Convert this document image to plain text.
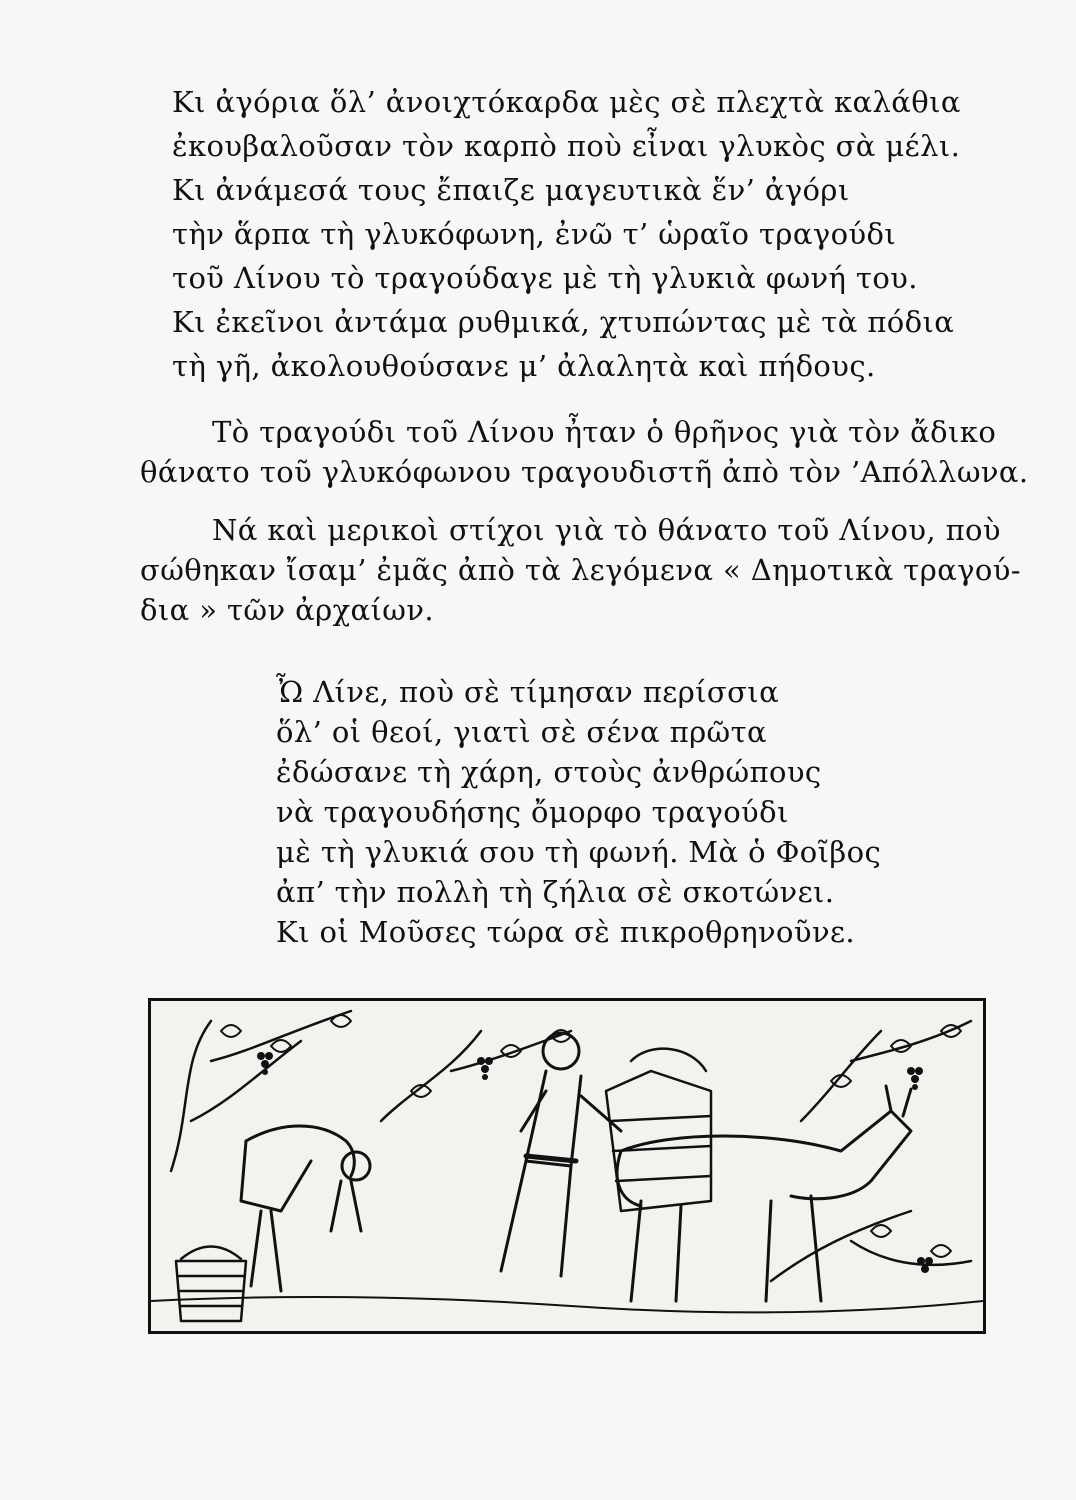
Κι ἀγόρια ὅλ’ ἀνοιχτόκαρδα μὲς σὲ πλεχτὰ καλάθια
ἐκουβαλοῦσαν τὸν καρπὸ ποὺ εἶναι γλυκὸς σὰ μέλι.
Κι ἀνάμεσά τους ἔπαιζε μαγευτικὰ ἕν’ ἀγόρι
τὴν ἅρπα τὴ γλυκόφωνη, ἐνῶ τ’ ὡραῖο τραγούδι
τοῦ Λίνου τὸ τραγούδαγε μὲ τὴ γλυκιὰ φωνή του.
Κι ἐκεῖνοι ἀντάμα ρυθμικά, χτυπώντας μὲ τὰ πόδια
τὴ γῆ, ἀκολουθούσανε μ’ ἀλαλητὰ καὶ πήδους.
Τὸ τραγούδι τοῦ Λίνου ἦταν ὁ θρῆνος γιὰ τὸν ἄδικο
θάνατο τοῦ γλυκόφωνου τραγουδιστῆ ἀπὸ τὸν ’Απόλλωνα.
Νά καὶ μερικοὶ στίχοι γιὰ τὸ θάνατο τοῦ Λίνου, ποὺ
σώθηκαν ἴσαμ’ ἐμᾶς ἀπὸ τὰ λεγόμενα « Δημοτικὰ τραγού-
δια » τῶν ἀρχαίων.
Ὦ Λίνε, ποὺ σὲ τίμησαν περίσσια
ὅλ’ οἱ θεοί, γιατὶ σὲ σένα πρῶτα
ἐδώσανε τὴ χάρη, στοὺς ἀνθρώπους
νὰ τραγουδήσης ὄμορφο τραγούδι
μὲ τὴ γλυκιά σου τὴ φωνή. Μὰ ὁ Φοῖβος
ἀπ’ τὴν πολλὴ τὴ ζήλια σὲ σκοτώνει.
Κι οἱ Μοῦσες τώρα σὲ πικροθρηνοῦνε.
